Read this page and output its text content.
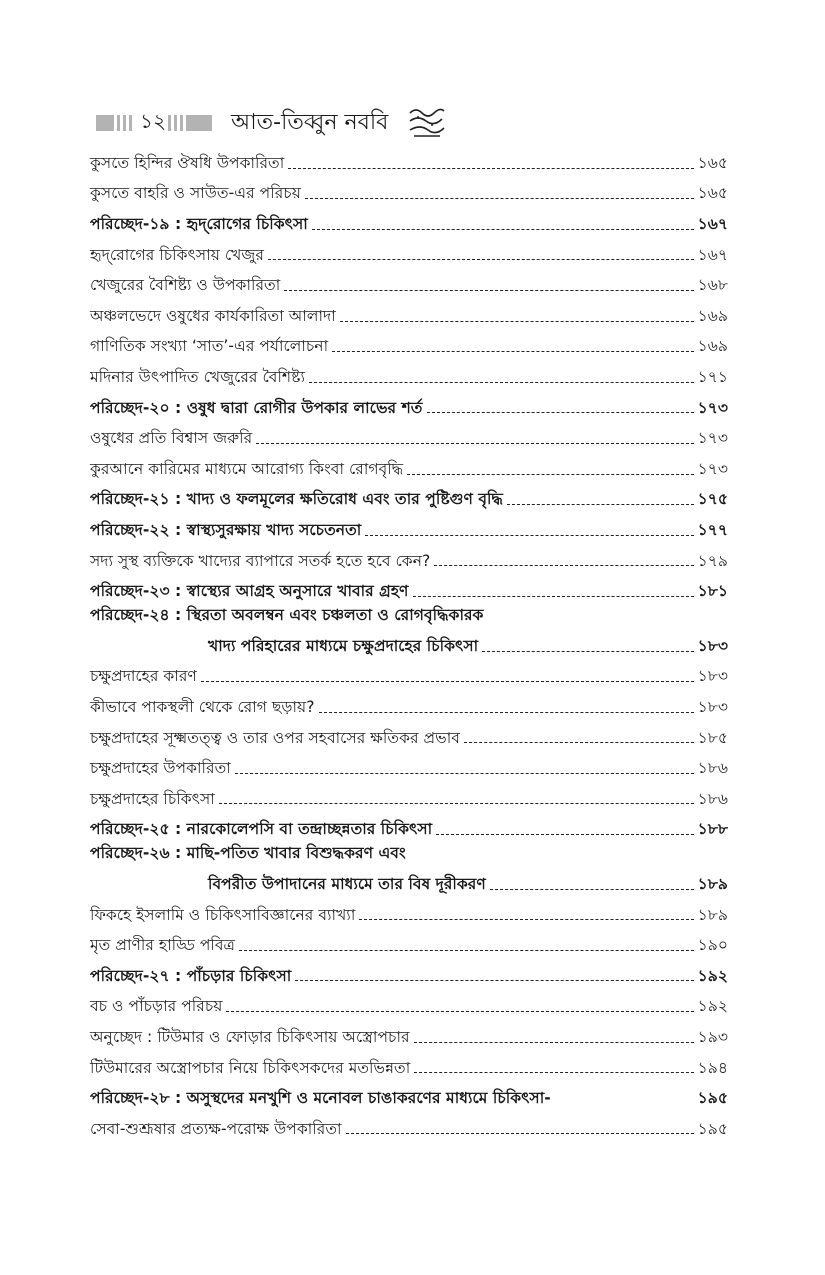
১২	আত-তিব্বুন নববি
কুসতে হিন্দির ঔষধি উপকারিতা	১৬৫
কুসতে বাহরি ও সাউত-এর পরিচয়	১৬৫
পরিচ্ছেদ-১৯ : হৃদ্‌রোগের চিকিৎসা	১৬৭
হৃদ্‌রোগের চিকিৎসায় খেজুর	১৬৭
খেজুরের বৈশিষ্ট্য ও উপকারিতা	১৬৮
অঞ্চলভেদে ওষুধের কার্যকারিতা আলাদা	১৬৯
গাণিতিক সংখ্যা ‘সাত’-এর পর্যালোচনা	১৬৯
মদিনার উৎপাদিত খেজুরের বৈশিষ্ট্য	১৭১
পরিচ্ছেদ-২০ : ওষুধ দ্বারা রোগীর উপকার লাভের শর্ত	১৭৩
ওষুধের প্রতি বিশ্বাস জরুরি	১৭৩
কুরআনে কারিমের মাধ্যমে আরোগ্য কিংবা রোগবৃদ্ধি	১৭৩
পরিচ্ছেদ-২১ : খাদ্য ও ফলমূলের ক্ষতিরোধ এবং তার পুষ্টিগুণ বৃদ্ধি	১৭৫
পরিচ্ছেদ-২২ : স্বাস্থ্যসুরক্ষায় খাদ্য সচেতনতা	১৭৭
সদ্য সুস্থ ব্যক্তিকে খাদ্যের ব্যাপারে সতর্ক হতে হবে কেন?	১৭৯
পরিচ্ছেদ-২৩ : স্বাস্থ্যের আগ্রহ অনুসারে খাবার গ্রহণ	১৮১
পরিচ্ছেদ-২৪ : স্থিরতা অবলম্বন এবং চঞ্চলতা ও রোগবৃদ্ধিকারক
খাদ্য পরিহারের মাধ্যমে চক্ষুপ্রদাহের চিকিৎসা	১৮৩
চক্ষুপ্রদাহের কারণ	১৮৩
কীভাবে পাকস্থলী থেকে রোগ ছড়ায়?	১৮৩
চক্ষুপ্রদাহের সূক্ষ্মতত্ত্ব ও তার ওপর সহবাসের ক্ষতিকর প্রভাব	১৮৫
চক্ষুপ্রদাহের উপকারিতা	১৮৬
চক্ষুপ্রদাহের চিকিৎসা	১৮৬
পরিচ্ছেদ-২৫ : নারকোলেপসি বা তন্দ্রাচ্ছন্নতার চিকিৎসা	১৮৮
পরিচ্ছেদ-২৬ : মাছি-পতিত খাবার বিশুদ্ধকরণ এবং
বিপরীত উপাদানের মাধ্যমে তার বিষ দূরীকরণ	১৮৯
ফিকহে ইসলামি ও চিকিৎসাবিজ্ঞানের ব্যাখ্যা	১৮৯
মৃত প্রাণীর হাড্ডি পবিত্র	১৯০
পরিচ্ছেদ-২৭ : পাঁচড়ার চিকিৎসা	১৯২
বচ ও পাঁচড়ার পরিচয়	১৯২
অনুচ্ছেদ : টিউমার ও ফোড়ার চিকিৎসায় অস্ত্রোপচার	১৯৩
টিউমারের অস্ত্রোপচার নিয়ে চিকিৎসকদের মতভিন্নতা	১৯৪
পরিচ্ছেদ-২৮ : অসুস্থদের মনখুশি ও মনোবল চাঙাকরণের মাধ্যমে চিকিৎসা-	১৯৫
সেবা-শুশ্রূষার প্রত্যক্ষ-পরোক্ষ উপকারিতা	১৯৫
